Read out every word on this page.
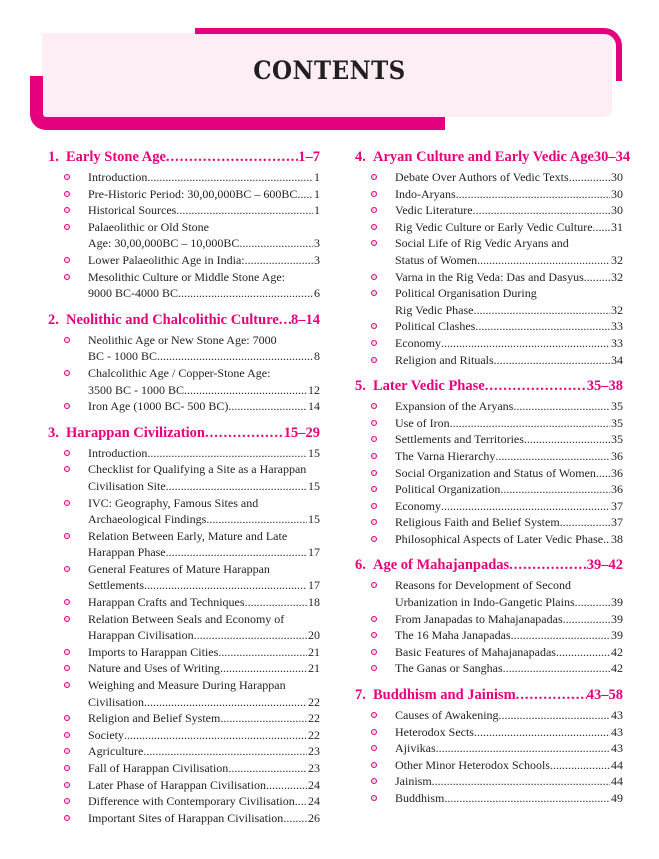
CONTENTS
1. Early Stone Age .....	1–7
Introduction .....	1
Pre-Historic Period: 30,00,000BC – 600BC ..... 1
Historical Sources .....	1
Palaeolithic or Old Stone
Age: 30,00,000BC – 10,000BC .....	3
Lower Palaeolithic Age in India: .....	3
Mesolithic Culture or Middle Stone Age:
9000 BC-4000 BC .....	6
2. Neolithic and Chalcolithic Culture ..... 8–14
Neolithic Age or New Stone Age: 7000
BC - 1000 BC .....	8
Chalcolithic Age / Copper-Stone Age:
3500 BC - 1000 BC .....	12
Iron Age (1000 BC- 500 BC) .....	14
3. Harappan Civilization .....	15–29
Introduction .....	15
Checklist for Qualifying a Site as a Harappan
Civilisation Site .....	15
IVC: Geography, Famous Sites and
Archaeological Findings .....	15
Relation Between Early, Mature and Late
Harappan Phase .....	17
General Features of Mature Harappan
Settlements .....	17
Harappan Crafts and Techniques .....	18
Relation Between Seals and Economy of
Harappan Civilisation .....	20
Imports to Harappan Cities .....	21
Nature and Uses of Writing .....	21
Weighing and Measure During Harappan
Civilisation .....	22
Religion and Belief System .....	22
Society .....	22
Agriculture .....	23
Fall of Harappan Civilisation .....	23
Later Phase of Harappan Civilisation .....	24
Difference with Contemporary Civilisation ..... 24
Important Sites of Harappan Civilisation ..... 26
4. Aryan Culture and Early Vedic Age 30–34
Debate Over Authors of Vedic Texts .....	30
Indo-Aryans .....	30
Vedic Literature .....	30
Rig Vedic Culture or Early Vedic Culture ..... 31
Social Life of Rig Vedic Aryans and
Status of Women .....	32
Varna in the Rig Veda: Das and Dasyus ..... 32
Political Organisation During
Rig Vedic Phase .....	32
Political Clashes .....	33
Economy .....	33
Religion and Rituals .....	34
5. Later Vedic Phase .....	35–38
Expansion of the Aryans .....	35
Use of Iron .....	35
Settlements and Territories .....	35
The Varna Hierarchy .....	36
Social Organization and Status of Women ..... 36
Political Organization .....	36
Economy .....	37
Religious Faith and Belief System .....	37
Philosophical Aspects of Later Vedic Phase ..... 38
6. Age of Mahajanpadas .....	39–42
Reasons for Development of Second
Urbanization in Indo-Gangetic Plains .....	39
From Janapadas to Mahajanapadas .....	39
The 16 Maha Janapadas .....	39
Basic Features of Mahajanapadas .....	42
The Ganas or Sanghas .....	42
7. Buddhism and Jainism .....	43–58
Causes of Awakening .....	43
Heterodox Sects .....	43
Ajivikas .....	43
Other Minor Heterodox Schools .....	44
Jainism .....	44
Buddhism .....	49
